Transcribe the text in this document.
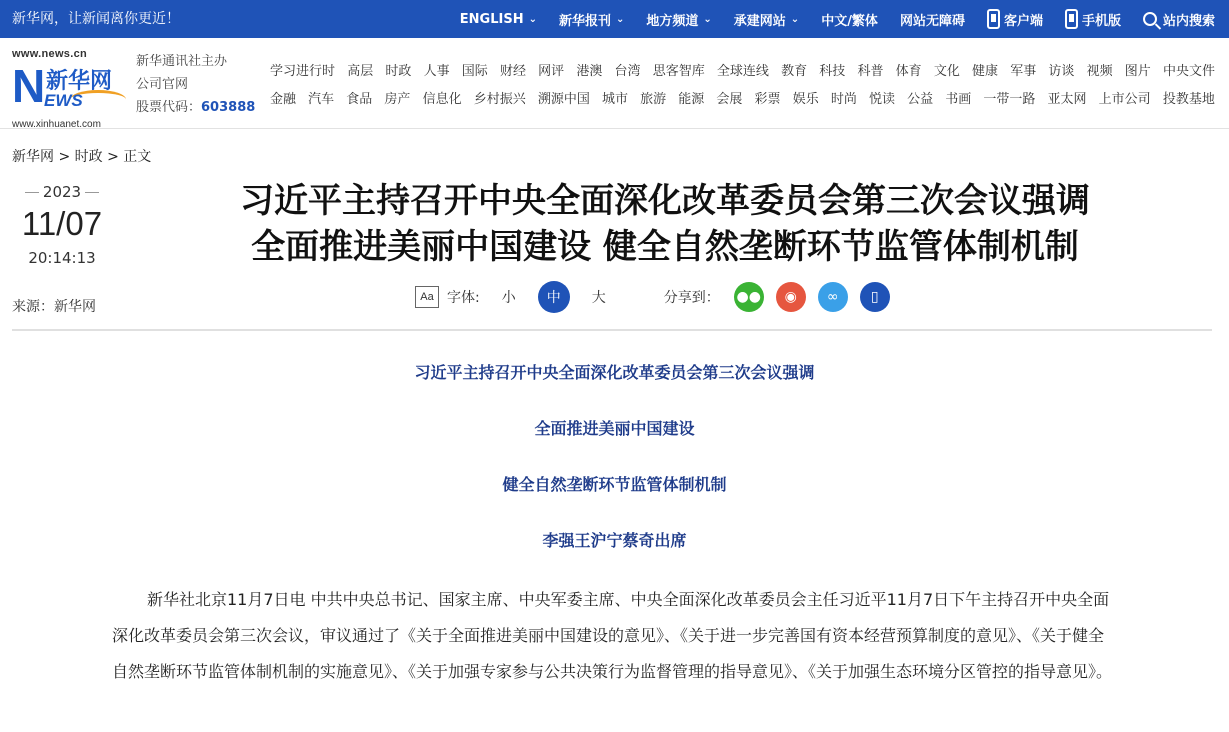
新华网，让新闻离你更近！	ENGLISH ⌄ 新华报刊 ⌄ 地方频道 ⌄ 承建网站 ⌄ 中文/繁体 网站无障碍	客户端	手机版	站内搜索
www.news.cn
N 新华网
EWS
www.xinhuanet.com
新华通讯社主办
公司官网
股票代码：603888
学习进行时 高层 时政 人事 国际 财经 网评 港澳 台湾 思客智库 全球连线 教育 科技 科普 体育 文化 健康 军事 访谈 视频 图片 中央文件
金融 汽车 食品 房产 信息化 乡村振兴 溯源中国 城市 旅游 能源 会展 彩票 娱乐 时尚 悦读 公益 书画 一带一路 亚太网 上市公司 投教基地
新华网 > 时政 > 正文
2023
11/07
20:14:13
来源：新华网
习近平主持召开中央全面深化改革委员会第三次会议强调
全面推进美丽中国建设 健全自然垄断环节监管体制机制
Aa 字体: 小	中	大	分享到： ●●	◉	∞	▯
习近平主持召开中央全面深化改革委员会第三次会议强调
全面推进美丽中国建设
健全自然垄断环节监管体制机制
李强王沪宁蔡奇出席
新华社北京11月7日电 中共中央总书记、国家主席、中央军委主席、中央全面深化改革委员会主任习近平11月7日下午主持召开中央全面深化改革委员会第三次会议，审议通过了《关于全面推进美丽中国建设的意见》、《关于进一步完善国有资本经营预算制度的意见》、《关于健全自然垄断环节监管体制机制的实施意见》、《关于加强专家参与公共决策行为监督管理的指导意见》、《关于加强生态环境分区管控的指导意见》。
